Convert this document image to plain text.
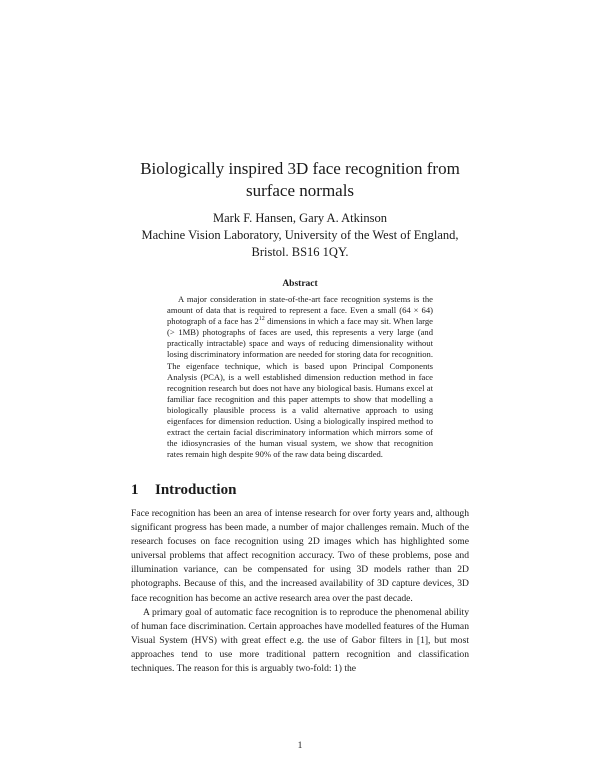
Biologically inspired 3D face recognition from
surface normals
Mark F. Hansen, Gary A. Atkinson
Machine Vision Laboratory, University of the West of England,
Bristol. BS16 1QY.
Abstract

A major consideration in state-of-the-art face recognition systems is the amount of data that is required to represent a face. Even a small (64 × 64) photograph of a face has $2^{12}$ dimensions in which a face may sit. When large (> 1MB) photographs of faces are used, this represents a very large (and practically intractable) space and ways of reducing dimensionality without losing discriminatory information are needed for storing data for recognition. The eigenface technique, which is based upon Principal Components Analysis (PCA), is a well established dimension reduction method in face recognition research but does not have any biological basis. Humans excel at familiar face recognition and this paper attempts to show that modelling a biologically plausible process is a valid alternative approach to using eigenfaces for dimension reduction. Using a biologically inspired method to extract the certain facial discriminatory information which mirrors some of the idiosyncrasies of the human visual system, we show that recognition rates remain high despite 90% of the raw data being discarded.

1 Introduction

Face recognition has been an area of intense research for over forty years and, although significant progress has been made, a number of major challenges remain. Much of the research focuses on face recognition using 2D images which has highlighted some universal problems that affect recognition accuracy. Two of these problems, pose and illumination variance, can be compensated for using 3D models rather than 2D photographs. Because of this, and the increased availability of 3D capture devices, 3D face recognition has become an active research area over the past decade.

A primary goal of automatic face recognition is to reproduce the phenomenal ability of human face discrimination. Certain approaches have modelled features of the Human Visual System (HVS) with great effect e.g. the use of Gabor filters in [1], but most approaches tend to use more traditional pattern recognition and classification techniques. The reason for this is arguably two-fold: 1) the

1
